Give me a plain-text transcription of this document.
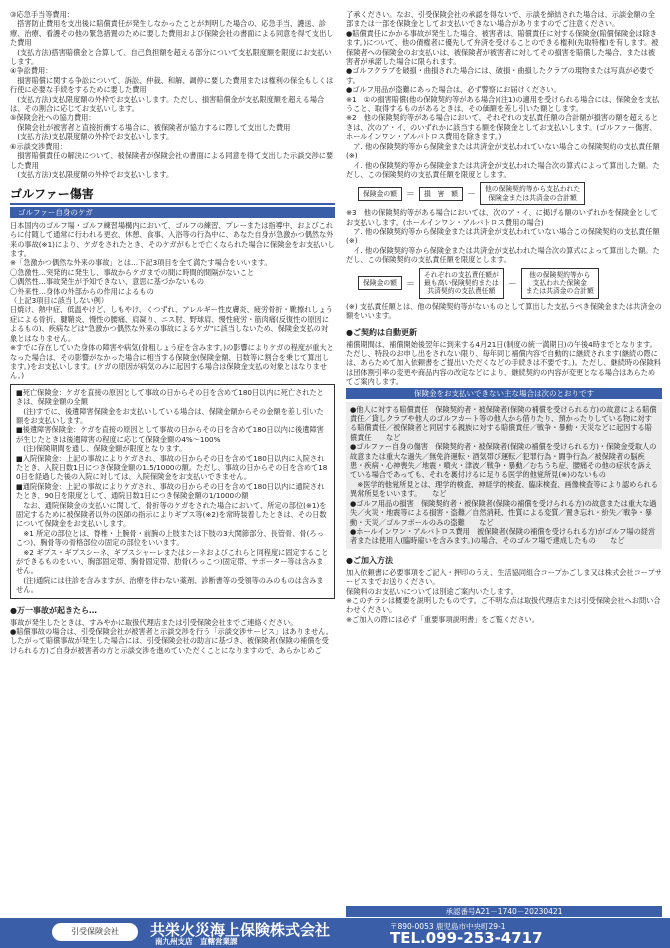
③応急手当等費用：
　搭害防止費用を支出後に賠償責任が発生しなかったことが判明した場合の、応急手当、護送、診療、治療、看護その他の緊急措置のために要した費用および保険会社の書面による同意を得て支出した費用
　(支払方法)搭害賠償金と合算して、自己負担額を超える部分について支払限度額を限度にお支払いします。

④争訟費用：
　損害賠償に関する争訟について、訴訟、仲裁、和解、調停に要した費用または権利の保全もしくは行使に必要な手続をするために要した費用
　(支払方法)支払限度額の外枠でお支払いします。ただし、損害賠償金が支払限度額を超える場合は、その割合に応じてお支払いします。

⑤保険会社への協力費用：
　保険会社が被害者と直接折衝する場合に、被保険者が協力するに際して支出した費用
　(支払方法)支払限度額の外枠でお支払いします。

⑥示談交渉費用：
　損害賠償責任の解決について、被保険者が保険会社の書面による同意を得て支出した示談交渉に要した費用
　(支払方法)支払限度額の外枠でお支払いします。

ゴルファー傷害
ゴルファー自身のケガ

日本国内のゴルフ場・ゴルフ練習場構内において、ゴルフの練習、プレーまたは指導中、およびこれらに付随して通常に行われる更衣、休憩、食事、入浴等の行為中に、あなた自身が急激かつ偶然な外来の事故(※1)により、ケガをされたとき、そのケガがもとで亡くなられた場合に保険金をお支払いします。
※「急激かつ偶然な外来の事故」とは…下記3項目を全て満たす場合をいいます。
〇急激性…突発的に発生し、事故からケガまでの間に時間的間隔がないこと
〇偶然性…事故発生が予知できない、意思に基づかないもの
〇外来性…身体の外部からの作用によるもの
（上記3項目に該当しない例）
日焼け、熱中症、低温やけど、しもやけ、くつずれ、アレルギー性皮膚炎、疲労骨折・靴擦れしょう症による骨折、腱鞘炎、慢性の腰痛、肩凝り、ニス肘、野球肩、慢性疲労・筋肉痛(反復性の原因によるもの)、疾病などは"急激かつ偶然な外来の事故によるケガ"に該当しないため、保険金支払の対象とはなりません。
※すでに存在していた身体の障害や病気(骨粗しょう症を含みます。)の影響によりケガの程度が重大となった場合は、その影響がなかった場合に相当する保険金(保険金額、日数等に割合を乗じて算出します。)をお支払いします。(ケガの原因が病気のみに起因する場合は保険金支払の対象とはなりません。)

■死亡保険金：ケガを直接の原因として事故の日からその日を含めて180日以内に死亡されたときは、保険金額の全額
　(注)すでに、後遺障害保険金をお支払いしている場合は、保険金額からその金額を差し引いた額をお支払いします。

■後遺障害保険金：ケガを直接の原因として事故の日からその日を含めて180日以内に後遺障害が生じたときは後遺障害の程度に応じて保険金額の4%～100%
　(注)保険期間を通し、保険金額が限度となります。

■入院保険金：上記の事故によりケガされ、事故の日からその日を含めて180日以内に入院されたとき、入院日数1日につき保険金額の1.5/1000の額。ただし、事故の日からその日を含めて180日を経過した後の入院に対しては、入院保険金をお支払いできません。

■通院保険金：上記の事故によりケガされ、事故の日からその日を含めて180日以内に通院されたとき、90日を限度として、通院日数1日につき保険金額の1/1000の額
　なお、通院保険金の支払いに関して、骨折等のケガをされた場合において、所定の部位(※1)を固定するために被保険者以外の医師の指示によりギプス等(※2)を常時装着したときは、その日数について保険金をお支払いします。
　※1 所定の部位とは、脊椎・上腕骨・前腕の上肢または下肢の3大関節部分、長管骨、骨(ろっこつ)、胸骨等の骨格部位の固定の部位をいいます。
　※2 ギプス・ギプスシーネ、ギプスシャーレまたはシーネおよびこれらと同程度に固定することができるものをいい、胸部固定帯、胸骨固定帯、肋骨(ろっこつ)固定帯、サポーター等は含みません。
　(注)通院には往診を含みますが、治療を伴わない薬剤、診断書等の受領等のみのものは含みません。

● 万一事故が起きたら…

事故が発生したときは、すみやかに取扱代理店または引受保険会社までご連絡ください。
●賠償事故の場合は、引受保険会社が被害者と示談交渉を行う「示談交渉サービス」はありません。したがって賠償事故が発生した場合には、引受保険会社の助言に基づき、被保険者(保険の補償を受けられる方)ご自身が被害者の方と示談交渉を進めていただくことになりますので、あらかじめご

了承ください。なお、引受保険会社の承認を得ないで、示談を締結された場合は、示談金額の全部または一部を保険金としてお支払いできない場合がありますのでご注意ください。
●賠償責任にかかる事故が発生した場合、被害者は、賠償責任に対する保険金(賠償保険金は除きます。)について、他の債権者に優先して弁済を受けることのできる権利(先取特権)を有します。被保険者への保険金のお支払いは、被保険者が被害者に対してその損害を賠償した場合、または被害者が承諾した場合に限られます。
●ゴルフクラブを破損・曲損された場合には、破損・曲損したクラブの現物または写真が必要です。
●ゴルフ用品が盗難にあった場合は、必ず警察にお届けください。
※1　①の損害賠償(他の保険契約等がある場合)(注1)の適用を受けられる場合には、保険金を支払うこと、取得するものがあるときは、その価額を差し引いた額とします。
※2　他の保険契約等がある場合において、それぞれの支払責任額の合計額が損害の額を超えるときは、次のア・イ、のいずれかに該当する額を保険金としてお支払いします。(ゴルファー傷害、ホールインワン・アルバトロス費用を除きます。)
　ア. 他の保険契約等から保険金または共済金が支払われていない場合この保険契約の支払責任額(※)
　イ. 他の保険契約等から保険金または共済金が支払われた場合次の算式によって算出した額。ただし、この保険契約の支払責任額を限度とします。

保険金の額	＝	損　害　額	－
他の保険契約等から支払われた
保険金または共済金の合計額

※3　他の保険契約等がある場合においては、次のア・イ、に掲げる額のいずれかを保険金としてお支払いします。(ホールインワン・アルバトロス費用の場合)
　ア. 他の保険契約等から保険金または共済金が支払われていない場合この保険契約の支払責任額(※)
　イ. 他の保険契約等から保険金または共済金が支払われた場合次の算式によって算出した額。ただし、この保険契約の支払責任額を限度とします。

保険金の額	＝
それぞれの支払責任額が
最も高い保険契約または
共済契約の支払責任額
－
他の保険契約等から
支払われた保険金
または共済金の合計額

(※) 支払責任額とは、他の保険契約等がないものとして算出した支払うべき保険金または共済金の額をいいます。

● ご契約は自動更新

補償期間は、補償開始後翌年に到来する4月21日(制度の統一満期日)の午後4時までとなります。ただし、特段のお申し出をされない限り、毎年同じ補償内容で自動的に継続されます(継続の際には、あらためて加入依頼書をご提出いただくなどの手続きは不要です。)。ただし、継続時の保険料は団体割引率の変更や商品内容の改定などにより、継続契約の内容が変更となる場合はあらためてご案内します。

保険金をお支払いできない主な場合は次のとおりです

●他人に対する賠償責任　保険契約者・被保険者(保険の補償を受けられる方)の故意による賠償責任／貸しクラブや他人のゴルフカート等の他人から借りたり、預かったりしている物に対する賠償責任／被保険者と同居する親族に対する賠償責任／戦争・暴動・天災などに起因する賠償責任　　など

●ゴルファー自身の傷害　保険契約者・被保険者(保険の補償を受けられる方)・保険金受取人の故意または重大な過失／無免許運転・酒気帯び運転／犯罪行為・闘争行為／被保険者の脳疾患・疾病・心神喪失／地震・噴火・津波／戦争・暴動／むちうち症、腰痛その他の症状を訴えている場合であっても、それを裏付けるに足りる医学的他覚所見(※)のないもの
　※医学的他覚所見とは、理学的検査、神経学的検査、臨床検査、画像検査等により認められる異常所見をいいます。　　など

●ゴルフ用品の損害　保険契約者・被保険者(保険の補償を受けられる方)の故意または重大な過失／火災・地震等による損害・盗難／自然消耗、性質による変質／置き忘れ・紛失／戦争・暴動・天災／ゴルフボールのみの盗難　　など

●ホールインワン・アルバトロス費用　被保険者(保険の補償を受けられる方)がゴルフ場の経営者または使用人(臨時雇いを含みます。)の場合、そのゴルフ場で達成したもの　　など

● ご加入方法

加入依頼書に必要事項をご記入・押印のうえ、生活協同組合コープかごしま又は株式会社コープサービスまでお送りください。
保険料のお支払いについては別途ご案内いたします。
※このチラシは概要を説明したものです。ご不明な点は取扱代理店または引受保険会社へお問い合わせください。
※ご加入の際には必ず「重要事項説明書」をご覧ください。

承認番号A21－1740－20230421
引受保険会社	共栄火災海上保険株式会社
南九州支店　直轄営業課
〒890-0053 鹿児島市中央町29-1
TEL.099-253-4717
